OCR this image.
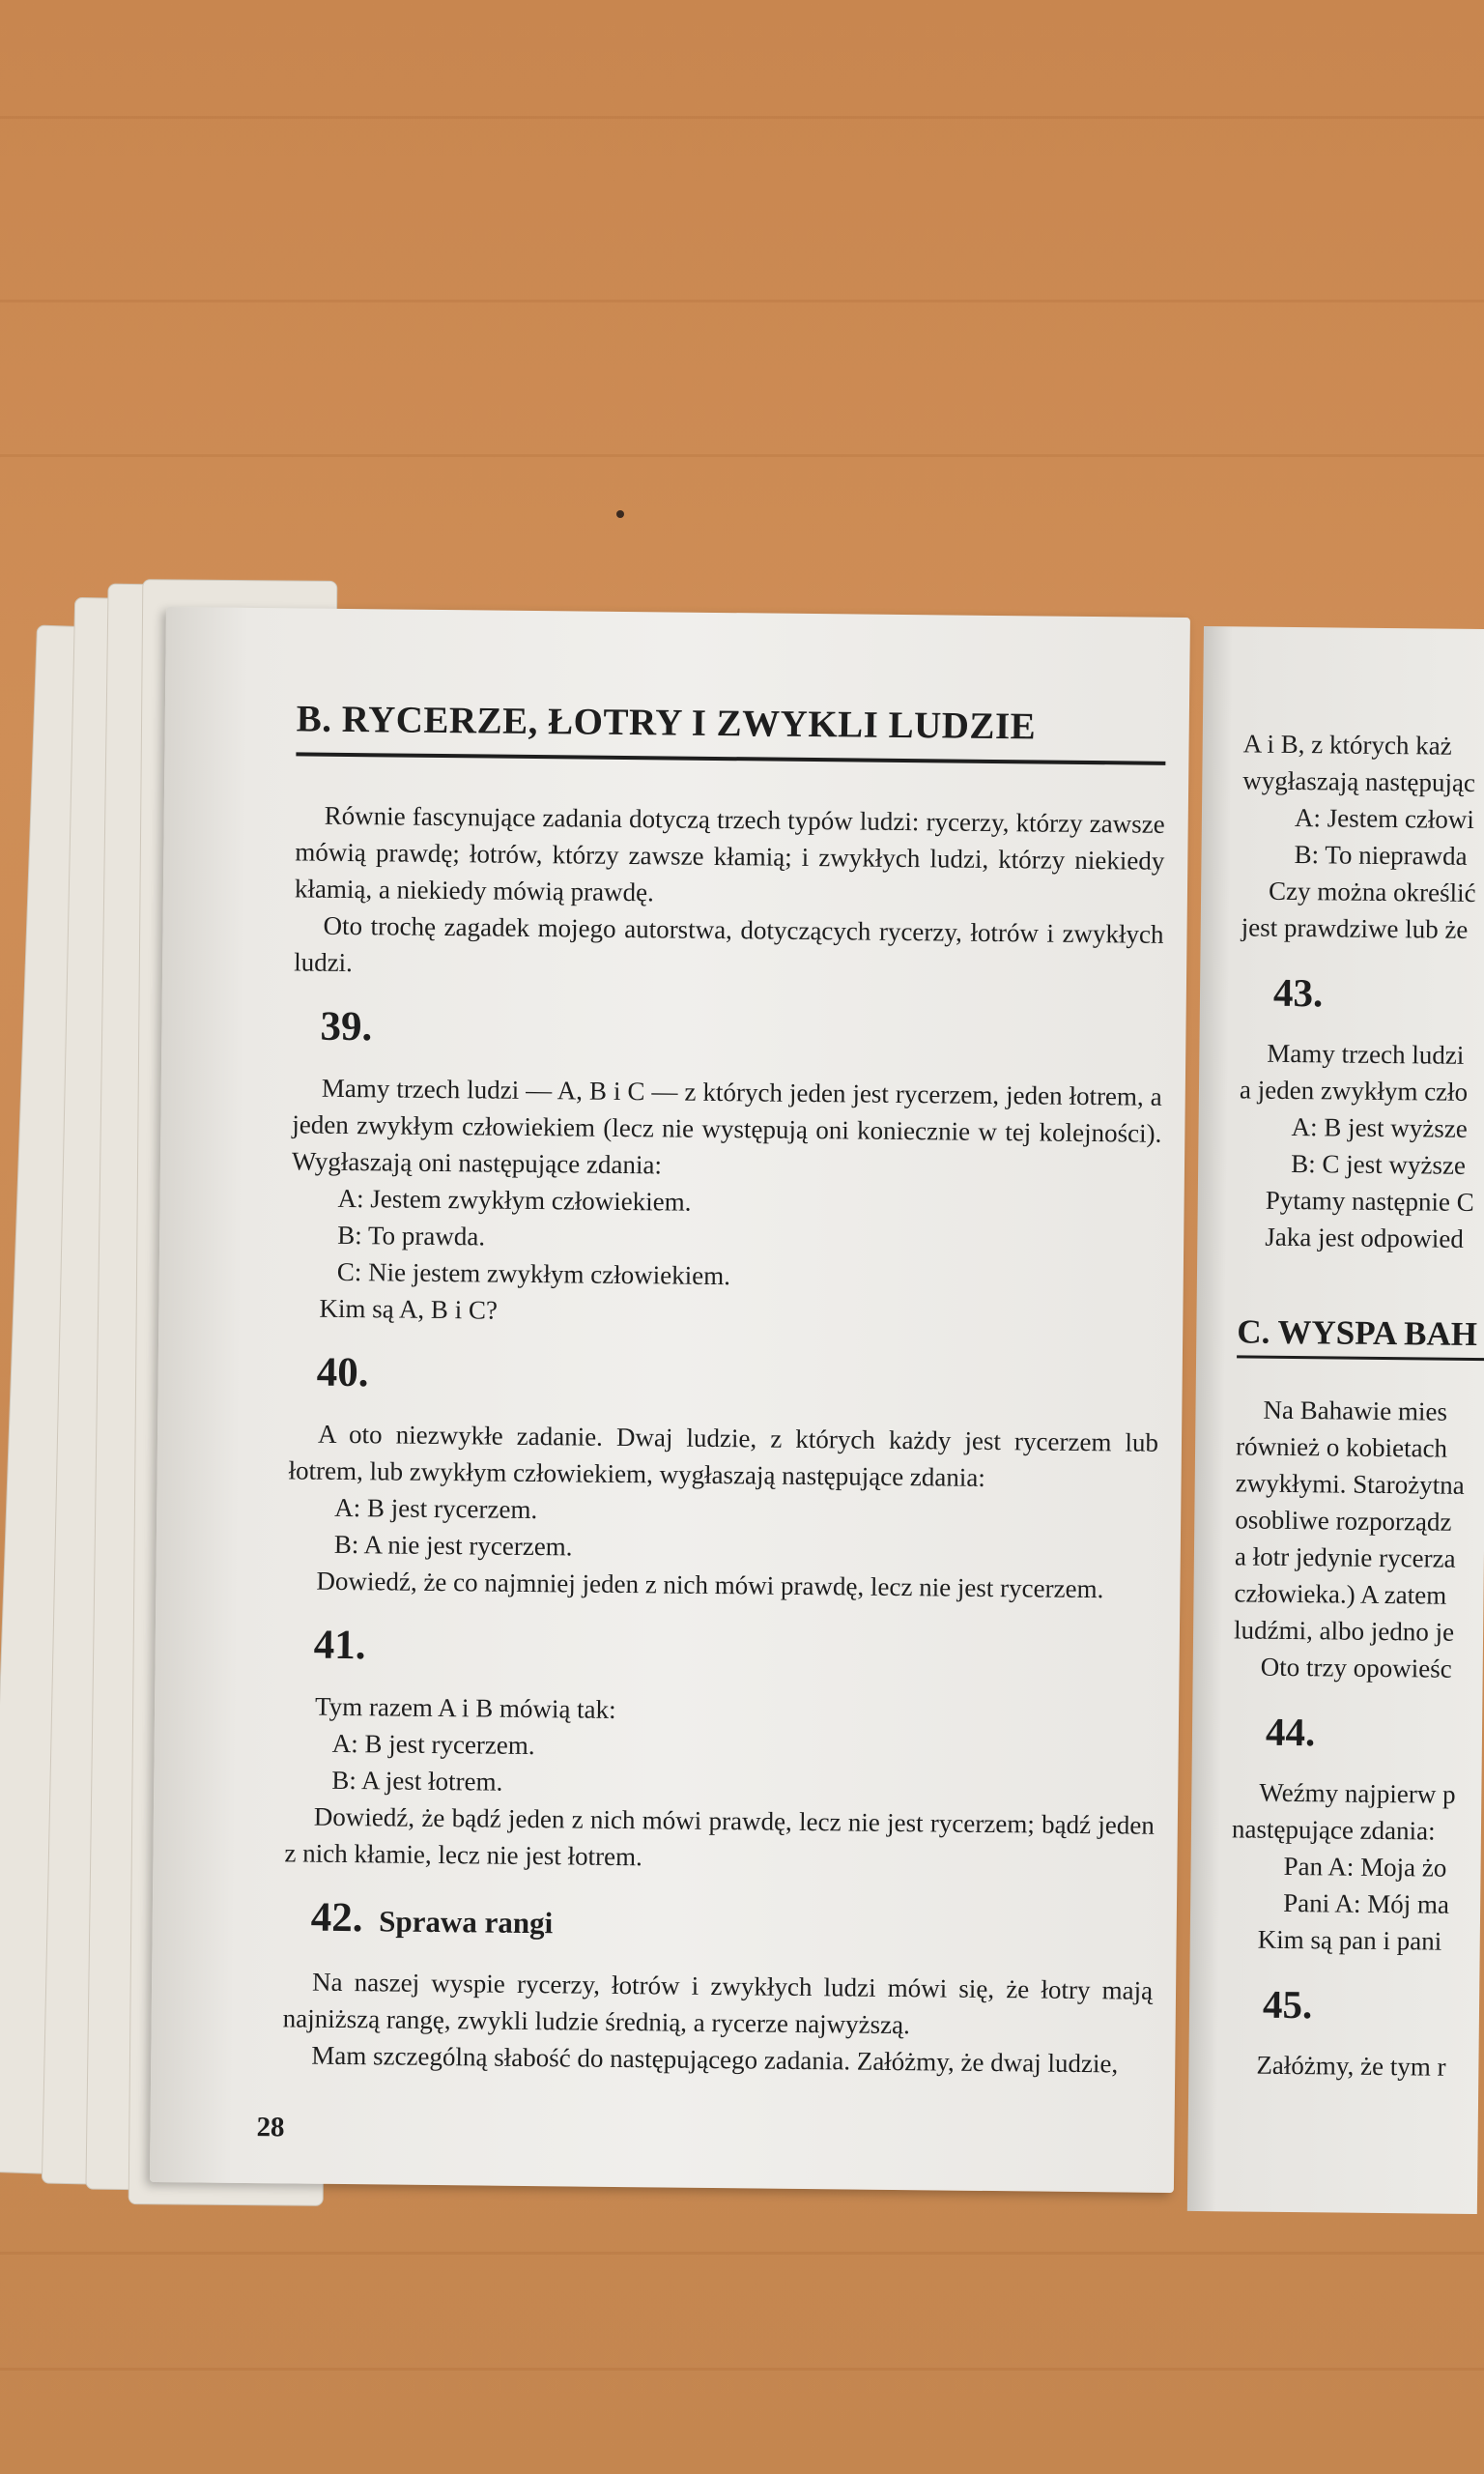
B. RYCERZE, ŁOTRY I ZWYKLI LUDZIE

Równie fascynujące zadania dotyczą trzech typów ludzi: rycerzy, którzy zawsze mówią prawdę; łotrów, którzy zawsze kłamią; i zwykłych ludzi, którzy niekiedy kłamią, a niekiedy mówią prawdę.

Oto trochę zagadek mojego autorstwa, dotyczących rycerzy, łotrów i zwykłych ludzi.

39.

Mamy trzech ludzi — A, B i C — z których jeden jest rycerzem, jeden łotrem, a jeden zwykłym człowiekiem (lecz nie występują oni koniecznie w tej kolejności). Wygłaszają oni następujące zdania:

A: Jestem zwykłym człowiekiem.
B: To prawda.
C: Nie jestem zwykłym człowiekiem.

Kim są A, B i C?

40.

A oto niezwykłe zadanie. Dwaj ludzie, z których każdy jest rycerzem lub łotrem, lub zwykłym człowiekiem, wygłaszają następujące zdania:

A: B jest rycerzem.
B: A nie jest rycerzem.

Dowiedź, że co najmniej jeden z nich mówi prawdę, lecz nie jest rycerzem.

41.

Tym razem A i B mówią tak:

A: B jest rycerzem.
B: A jest łotrem.

Dowiedź, że bądź jeden z nich mówi prawdę, lecz nie jest rycerzem; bądź jeden z nich kłamie, lecz nie jest łotrem.

42. Sprawa rangi

Na naszej wyspie rycerzy, łotrów i zwykłych ludzi mówi się, że łotry mają najniższą rangę, zwykli ludzie średnią, a rycerze najwyższą.

Mam szczególną słabość do następującego zadania. Załóżmy, że dwaj ludzie,

28

A i B, z których każ

wygłaszają następując

A: Jestem człowi
B: To nieprawda

Czy można określić

jest prawdziwe lub że

43.

Mamy trzech ludzi

a jeden zwykłym czło

A: B jest wyższe
B: C jest wyższe

Pytamy następnie C

Jaka jest odpowied

C. WYSPA BAH

Na Bahawie mies

również o kobietach

zwykłymi. Starożytna

osobliwe rozporządz

a łotr jedynie rycerza

człowieka.) A zatem

ludźmi, albo jedno je

Oto trzy opowieśc

44.

Weźmy najpierw p

następujące zdania:

Pan A: Moja żo
Pani A: Mój ma

Kim są pan i pani

45.

Załóżmy, że tym r
